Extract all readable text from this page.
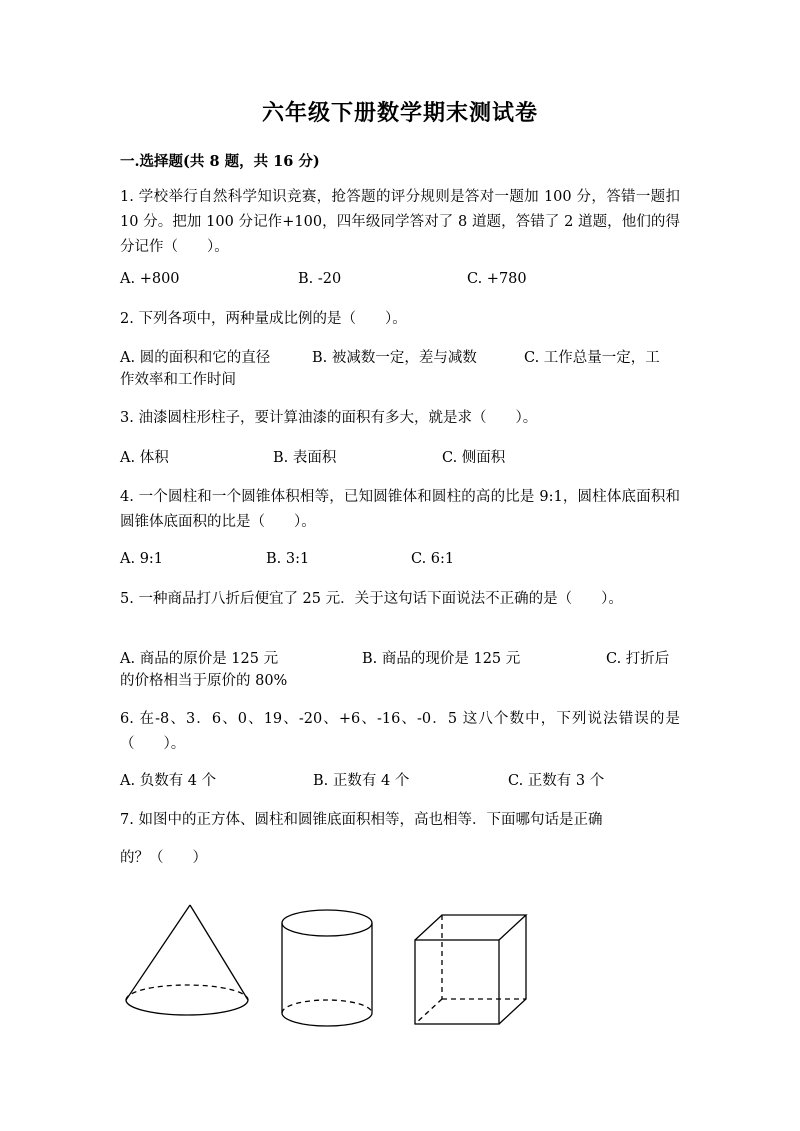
六年级下册数学期末测试卷
一.选择题(共 8 题，共 16 分)
1. 学校举行自然科学知识竞赛，抢答题的评分规则是答对一题加 100 分，答错一题扣 10 分。把加 100 分记作+100，四年级同学答对了 8 道题，答错了 2 道题，他们的得分记作（　　）。
A. +800	B. -20	C. +780
2. 下列各项中，两种量成比例的是（　　）。
A. 圆的面积和它的直径	B. 被减数一定，差与减数	C. 工作总量一定，工
作效率和工作时间
3. 油漆圆柱形柱子，要计算油漆的面积有多大，就是求（　　）。
A. 体积	B. 表面积	C. 侧面积
4. 一个圆柱和一个圆锥体积相等，已知圆锥体和圆柱的高的比是 9:1，圆柱体底面积和圆锥体底面积的比是（　　）。
A. 9:1	B. 3:1	C. 6:1
5. 一种商品打八折后便宜了 25 元．关于这句话下面说法不正确的是（　　）。
A. 商品的原价是 125 元	B. 商品的现价是 125 元	C. 打折后
的价格相当于原价的 80%
6. 在-8、3．6、0、19、-20、+6、-16、-0．5 这八个数中，下列说法错误的是（　　）。
A. 负数有 4 个	B. 正数有 4 个	C. 正数有 3 个
7. 如图中的正方体、圆柱和圆锥底面积相等，高也相等．下面哪句话是正确
的？（　　）
